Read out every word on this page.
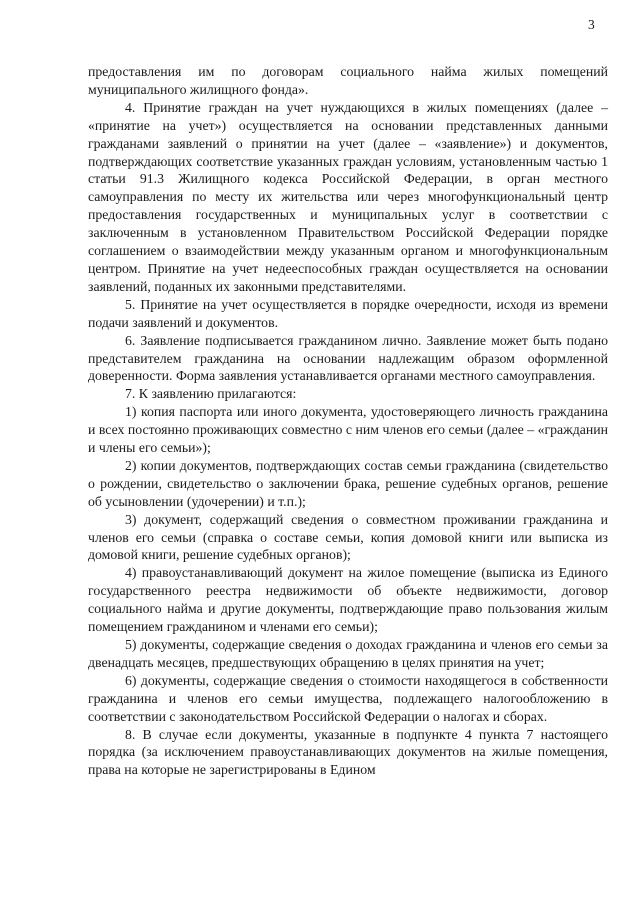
3

предоставления им по договорам социального найма жилых помещений муниципального жилищного фонда».

4. Принятие граждан на учет нуждающихся в жилых помещениях (далее – «принятие на учет») осуществляется на основании представленных данными гражданами заявлений о принятии на учет (далее – «заявление») и документов, подтверждающих соответствие указанных граждан условиям, установленным частью 1 статьи 91.3 Жилищного кодекса Российской Федерации, в орган местного самоуправления по месту их жительства или через многофункциональный центр предоставления государственных и муниципальных услуг в соответствии с заключенным в установленном Правительством Российской Федерации порядке соглашением о взаимодействии между указанным органом и многофункциональным центром. Принятие на учет недееспособных граждан осуществляется на основании заявлений, поданных их законными представителями.

5. Принятие на учет осуществляется в порядке очередности, исходя из времени подачи заявлений и документов.

6. Заявление подписывается гражданином лично. Заявление может быть подано представителем гражданина на основании надлежащим образом оформленной доверенности. Форма заявления устанавливается органами местного самоуправления.

7. К заявлению прилагаются:

1) копия паспорта или иного документа, удостоверяющего личность гражданина и всех постоянно проживающих совместно с ним членов его семьи (далее – «гражданин и члены его семьи»);

2) копии документов, подтверждающих состав семьи гражданина (свидетельство о рождении, свидетельство о заключении брака, решение судебных органов, решение об усыновлении (удочерении) и т.п.);

3) документ, содержащий сведения о совместном проживании гражданина и членов его семьи (справка о составе семьи, копия домовой книги или выписка из домовой книги, решение судебных органов);

4) правоустанавливающий документ на жилое помещение (выписка из Единого государственного реестра недвижимости об объекте недвижимости, договор социального найма и другие документы, подтверждающие право пользования жилым помещением гражданином и членами его семьи);

5) документы, содержащие сведения о доходах гражданина и членов его семьи за двенадцать месяцев, предшествующих обращению в целях принятия на учет;

6) документы, содержащие сведения о стоимости находящегося в собственности гражданина и членов его семьи имущества, подлежащего налогообложению в соответствии с законодательством Российской Федерации о налогах и сборах.

8. В случае если документы, указанные в подпункте 4 пункта 7 настоящего порядка (за исключением правоустанавливающих документов на жилые помещения, права на которые не зарегистрированы в Едином
